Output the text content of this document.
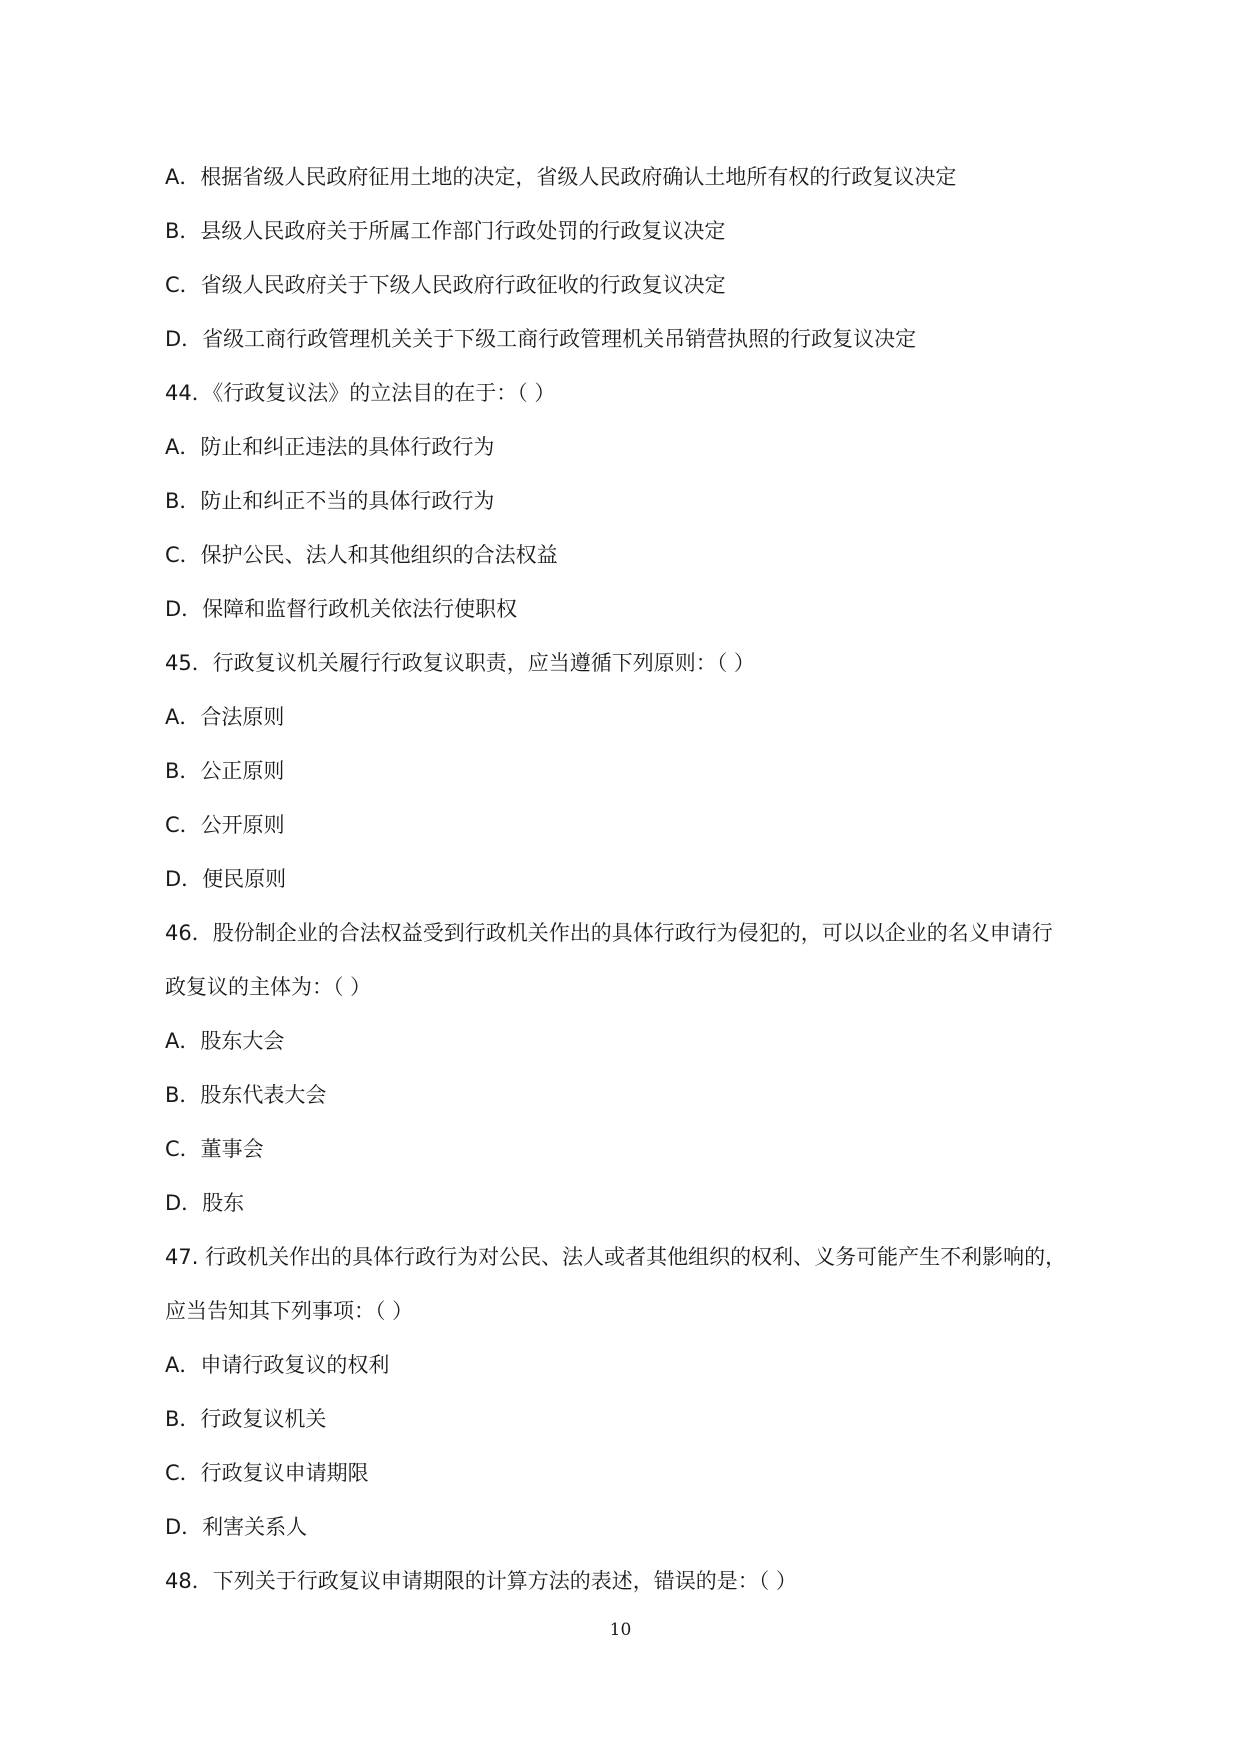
A．根据省级人民政府征用土地的决定，省级人民政府确认土地所有权的行政复议决定
B．县级人民政府关于所属工作部门行政处罚的行政复议决定
C．省级人民政府关于下级人民政府行政征收的行政复议决定
D．省级工商行政管理机关关于下级工商行政管理机关吊销营执照的行政复议决定
44．《行政复议法》的立法目的在于：（ ）
A．防止和纠正违法的具体行政行为
B．防止和纠正不当的具体行政行为
C．保护公民、法人和其他组织的合法权益
D．保障和监督行政机关依法行使职权
45．行政复议机关履行行政复议职责，应当遵循下列原则：（ ）
A．合法原则
B．公正原则
C．公开原则
D．便民原则
46．股份制企业的合法权益受到行政机关作出的具体行政行为侵犯的，可以以企业的名义申请行
政复议的主体为：（ ）
A．股东大会
B．股东代表大会
C．董事会
D．股东
47. 行政机关作出的具体行政行为对公民、法人或者其他组织的权利、义务可能产生不利影响的，
应当告知其下列事项：（ ）
A．申请行政复议的权利
B．行政复议机关
C．行政复议申请期限
D．利害关系人
48．下列关于行政复议申请期限的计算方法的表述，错误的是：（ ）
10
